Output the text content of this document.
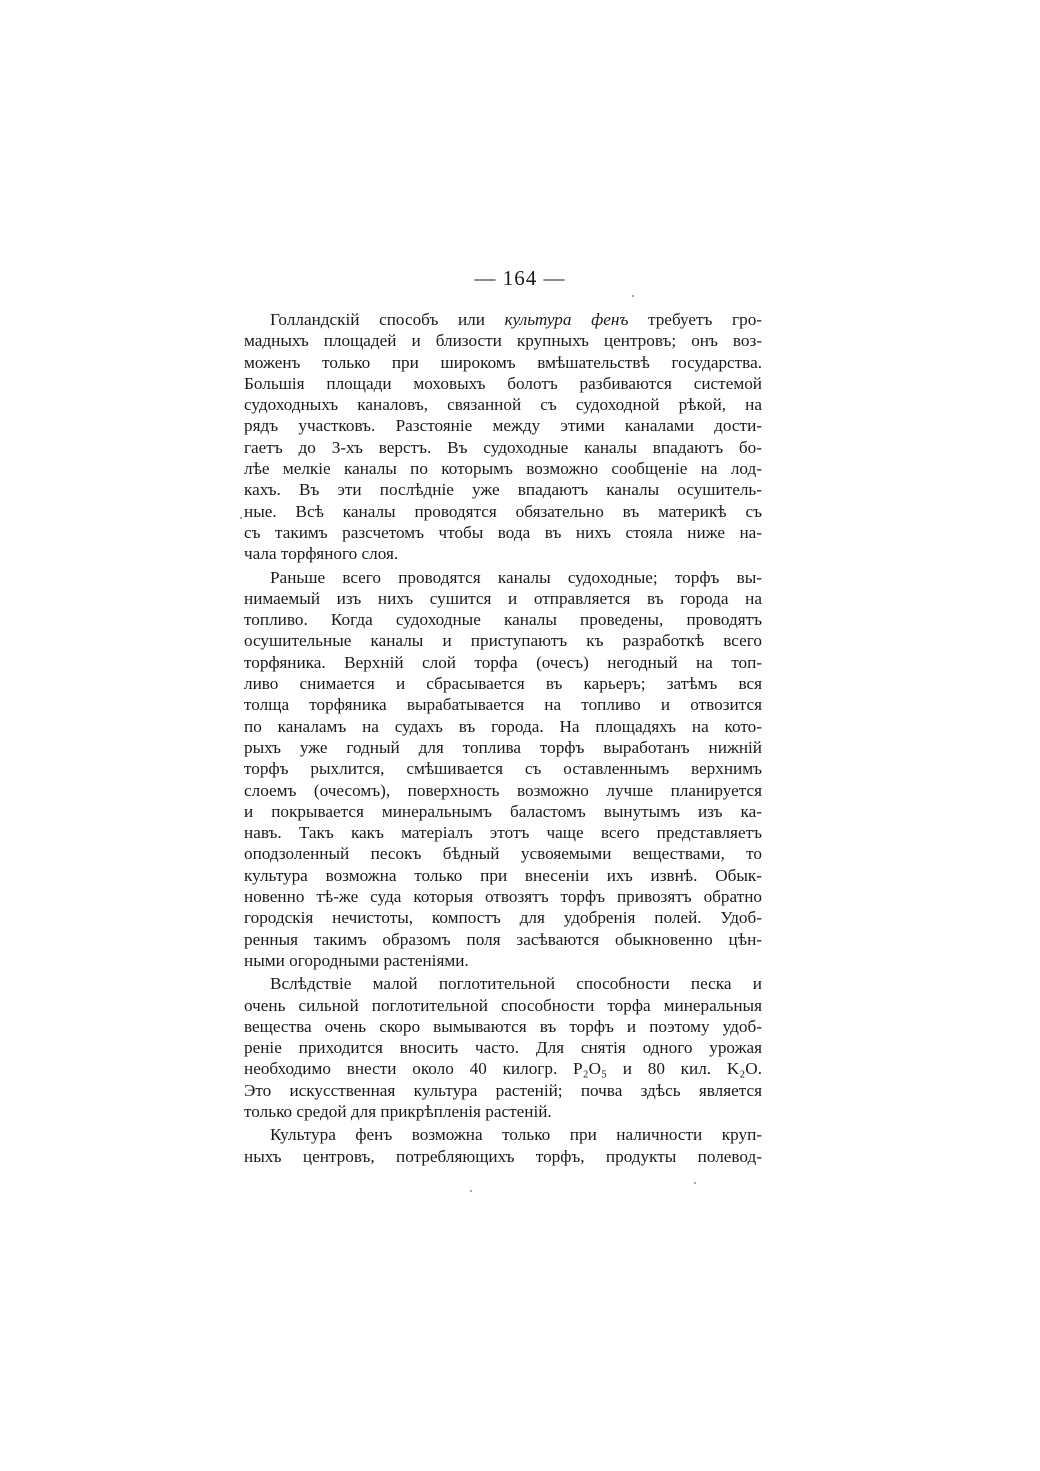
— 164 —
Голландскій способъ или культура фенъ требуетъ гро-
мадныхъ площадей и близости крупныхъ центровъ; онъ воз-
моженъ только при широкомъ вмѣшательствѣ государства.
Большія площади моховыхъ болотъ разбиваются системой
судоходныхъ каналовъ, связанной съ судоходной рѣкой, на
рядъ участковъ. Разстояніе между этими каналами дости-
гаетъ до 3-хъ верстъ. Въ судоходные каналы впадаютъ бо-
лѣе мелкіе каналы по которымъ возможно сообщеніе на лод-
кахъ. Въ эти послѣдніе уже впадаютъ каналы осушитель-
ные. Всѣ каналы проводятся обязательно въ материкѣ съ
съ такимъ разсчетомъ чтобы вода въ нихъ стояла ниже на-
чала торфяного слоя.
Раньше всего проводятся каналы судоходные; торфъ вы-
нимаемый изъ нихъ сушится и отправляется въ города на
топливо. Когда судоходные каналы проведены, проводятъ
осушительные каналы и приступаютъ къ разработкѣ всего
торфяника. Верхній слой торфа (очесъ) негодный на топ-
ливо снимается и сбрасывается въ карьеръ; затѣмъ вся
толща торфяника вырабатывается на топливо и отвозится
по каналамъ на судахъ въ города. На площадяхъ на кото-
рыхъ уже годный для топлива торфъ выработанъ нижній
торфъ рыхлится, смѣшивается съ оставленнымъ верхнимъ
слоемъ (очесомъ), поверхность возможно лучше планируется
и покрывается минеральнымъ баластомъ вынутымъ изъ ка-
навъ. Такъ какъ матеріалъ этотъ чаще всего представляетъ
оподзоленный песокъ бѣдный усвояемыми веществами, то
культура возможна только при внесеніи ихъ извнѣ. Обык-
новенно тѣ-же суда которыя отвозятъ торфъ привозятъ обратно
городскія нечистоты, компостъ для удобренія полей. Удоб-
ренныя такимъ образомъ поля засѣваются обыкновенно цѣн-
ными огородными растеніями.
Вслѣдствіе малой поглотительной способности песка и
очень сильной поглотительной способности торфа минеральныя
вещества очень скоро вымываются въ торфъ и поэтому удоб-
реніе приходится вносить часто. Для снятія одного урожая
необходимо внести около 40 килогр. P₂O₅ и 80 кил. K₂O.
Это искусственная культура растеній; почва здѣсь является
только средой для прикрѣпленія растеній.
Культура фенъ возможна только при наличности круп-
ныхъ центровъ, потребляющихъ торфъ, продукты полевод-
